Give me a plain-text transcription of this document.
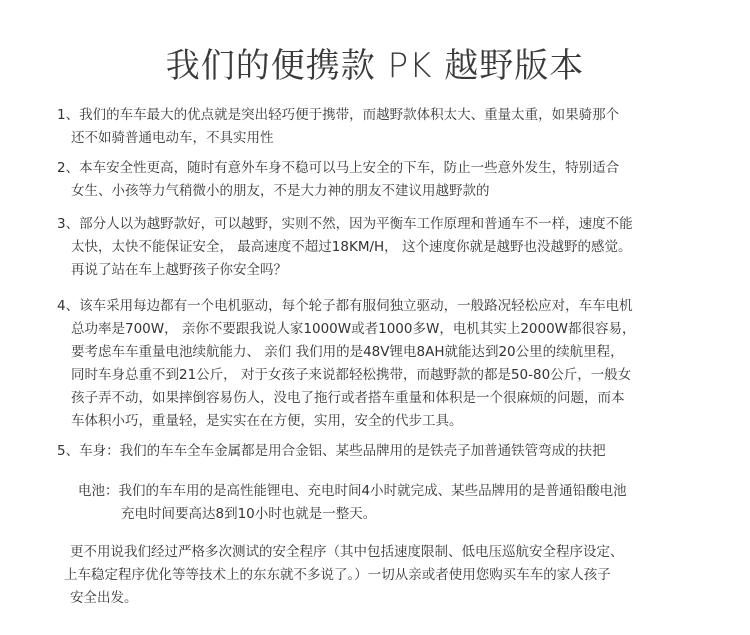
我们的便携款 PK 越野版本
1、我们的车车最大的优点就是突出轻巧便于携带，而越野款体积太大、重量太重，如果骑那个
还不如骑普通电动车，不具实用性
2、本车安全性更高，随时有意外车身不稳可以马上安全的下车，防止一些意外发生，特别适合
女生、小孩等力气稍微小的朋友，不是大力神的朋友不建议用越野款的
3、部分人以为越野款好，可以越野，实则不然，因为平衡车工作原理和普通车不一样，速度不能
太快，太快不能保证安全， 最高速度不超过18KM/H， 这个速度你就是越野也没越野的感觉。
再说了站在车上越野孩子你安全吗？
4、该车采用每边都有一个电机驱动，每个轮子都有服伺独立驱动，一般路况轻松应对，车车电机
总功率是700W， 亲你不要跟我说人家1000W或者1000多W，电机其实上2000W都很容易，
要考虑车车重量电池续航能力、 亲们 我们用的是48V锂电8AH就能达到20公里的续航里程，
同时车身总重不到21公斤， 对于女孩子来说都轻松携带，而越野款的都是50-80公斤，一般女
孩子弄不动，如果摔倒容易伤人，没电了拖行或者搭车重量和体积是一个很麻烦的问题，而本
车体积小巧，重量轻，是实实在在方便，实用，安全的代步工具。
5、车身：我们的车车全车金属都是用合金铝、某些品牌用的是铁壳子加普通铁管弯成的扶把
电池：我们的车车用的是高性能锂电、充电时间4小时就完成、某些品牌用的是普通铅酸电池
充电时间要高达8到10小时也就是一整天。
更不用说我们经过严格多次测试的安全程序（其中包括速度限制、低电压巡航安全程序设定、
上车稳定程序优化等等技术上的东东就不多说了。）一切从亲或者使用您购买车车的家人孩子
安全出发。
